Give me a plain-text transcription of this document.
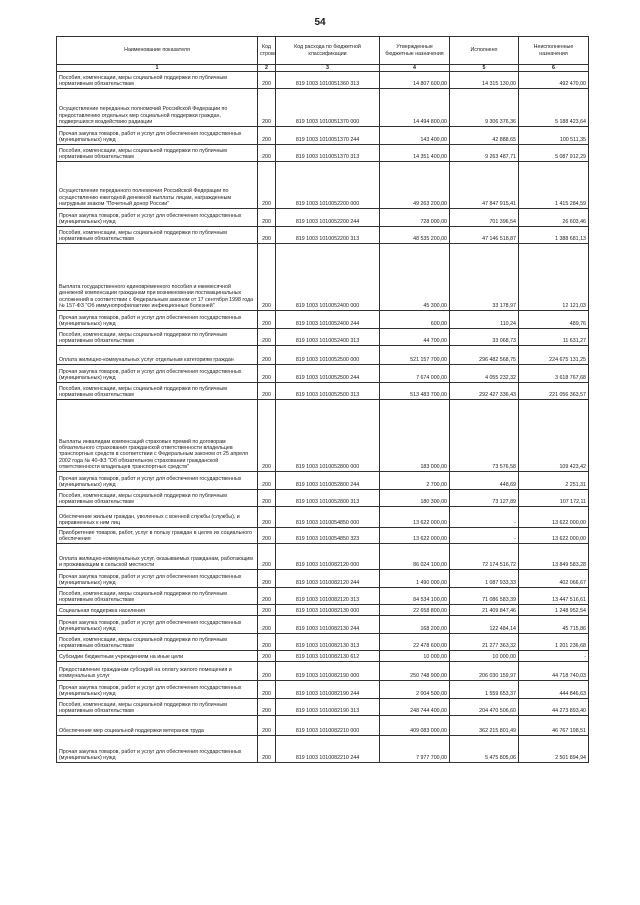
54
Наименование показателя	Код строки	Код расхода по бюджетной классификации	Утвержденные бюджетные назначения	Исполнено	Неисполненные назначения
1	2	3	4	5	6
Пособия, компенсации, меры социальной поддержки по публичным нормативным обязательствам	200	819 1003 1010051360 313	14 807 600,00	14 315 130,00	492 470,00
Осуществление переданных полномочий Российской Федерации по предоставлению отдельных мер социальной поддержки граждан, подвергшихся воздействию радиации	200	819 1003 1010051370 000	14 494 800,00	9 306 376,36	5 188 423,64
Прочая закупка товаров, работ и услуг для обеспечения государственных (муниципальных) нужд	200	819 1003 1010051370 244	143 400,00	42 888,65	100 511,35
Пособия, компенсации, меры социальной поддержки по публичным нормативным обязательствам	200	819 1003 1010051370 313	14 351 400,00	9 263 487,71	5 087 912,29
Осуществление переданного полномочия Российской Федерации по осуществлению ежегодной денежной выплаты лицам, награжденным нагрудным знаком "Почетный донор России"	200	819 1003 1010052200 000	49 263 200,00	47 847 915,41	1 415 284,59
Прочая закупка товаров, работ и услуг для обеспечения государственных (муниципальных) нужд	200	819 1003 1010052200 244	728 000,00	701 396,54	26 603,46
Пособия, компенсации, меры социальной поддержки по публичным нормативным обязательствам	200	819 1003 1010052200 313	48 535 200,00	47 146 518,87	1 388 681,13
Выплата государственного единовременного пособия и ежемесячной денежной компенсации гражданам при возникновении поствакцинальных осложнений в соответствии с Федеральным законом от 17 сентября 1998 года № 157-ФЗ "Об иммунопрофилактике инфекционных болезней"	200	819 1003 1010052400 000	45 300,00	33 178,97	12 121,03
Прочая закупка товаров, работ и услуг для обеспечения государственных (муниципальных) нужд	200	819 1003 1010052400 244	600,00	110,24	489,76
Пособия, компенсации, меры социальной поддержки по публичным нормативным обязательствам	200	819 1003 1010052400 313	44 700,00	33 068,73	11 631,27
Оплата жилищно-коммунальных услуг отдельным категориям граждан	200	819 1003 1010052500 000	521 157 700,00	296 482 568,75	224 675 131,25
Прочая закупка товаров, работ и услуг для обеспечения государственных (муниципальных) нужд	200	819 1003 1010052500 244	7 674 000,00	4 055 232,32	3 618 767,68
Пособия, компенсации, меры социальной поддержки по публичным нормативным обязательствам	200	819 1003 1010052500 313	513 483 700,00	292 427 336,43	221 056 363,57
Выплаты инвалидам компенсаций страховых премий по договорам обязательного страхования гражданской ответственности владельцев транспортных средств в соответствии с Федеральным законом от 25 апреля 2002 года № 40-ФЗ "Об обязательном страховании гражданской ответственности владельцев транспортных средств"	200	819 1003 1010052800 000	183 000,00	73 576,58	109 423,42
Прочая закупка товаров, работ и услуг для обеспечения государственных (муниципальных) нужд	200	819 1003 1010052800 244	2 700,00	448,69	2 251,31
Пособия, компенсации, меры социальной поддержки по публичным нормативным обязательствам	200	819 1003 1010052800 313	180 300,00	73 127,89	107 172,11
Обеспечение жильем граждан, уволенных с военной службы (службы), и приравненных к ним лиц	200	819 1003 1010054850 000	13 622 000,00	-	13 622 000,00
Приобретение товаров, работ, услуг в пользу граждан в целях их социального обеспечения	200	819 1003 1010054850 323	13 622 000,00	-	13 622 000,00
Оплата жилищно-коммунальных услуг, оказываемых гражданам, работающим и проживающим в сельской местности	200	819 1003 1010082120 000	86 024 100,00	72 174 516,72	13 849 583,28
Прочая закупка товаров, работ и услуг для обеспечения государственных (муниципальных) нужд	200	819 1003 1010082120 244	1 490 000,00	1 087 933,33	402 066,67
Пособия, компенсации, меры социальной поддержки по публичным нормативным обязательствам	200	819 1003 1010082120 313	84 534 100,00	71 086 583,39	13 447 516,61
Социальная поддержка населения	200	819 1003 1010082130 000	22 658 800,00	21 409 847,46	1 248 952,54
Прочая закупка товаров, работ и услуг для обеспечения государственных (муниципальных) нужд	200	819 1003 1010082130 244	168 200,00	122 484,14	45 715,86
Пособия, компенсации, меры социальной поддержки по публичным нормативным обязательствам	200	819 1003 1010082130 313	22 478 600,00	21 277 363,32	1 201 236,68
Субсидии бюджетным учреждениям на иные цели	200	819 1003 1010082130 612	10 000,00	10 000,00	-
Предоставление гражданам субсидий на оплату жилого помещения и коммунальных услуг	200	819 1003 1010082190 000	250 748 900,00	206 030 159,97	44 718 740,03
Прочая закупка товаров, работ и услуг для обеспечения государственных (муниципальных) нужд	200	819 1003 1010082190 244	2 004 500,00	1 559 653,37	444 846,63
Пособия, компенсации, меры социальной поддержки по публичным нормативным обязательствам	200	819 1003 1010082190 313	248 744 400,00	204 470 506,60	44 273 893,40
Обеспечение мер социальной поддержки ветеранов труда	200	819 1003 1010082210 000	409 083 000,00	362 215 801,49	46 767 198,51
Прочая закупка товаров, работ и услуг для обеспечения государственных (муниципальных) нужд	200	819 1003 1010082210 244	7 977 700,00	5 475 805,06	2 501 894,94
